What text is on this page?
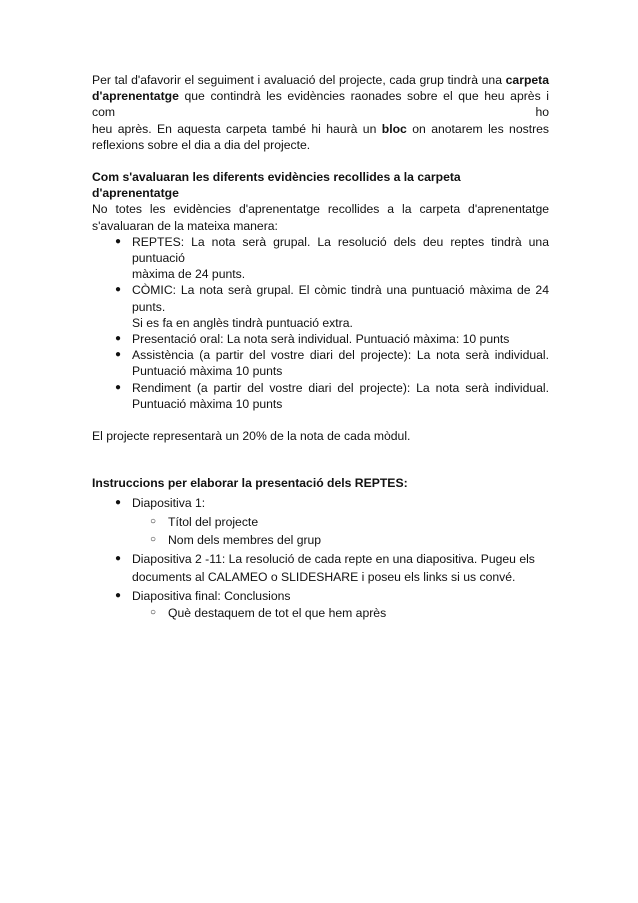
Per tal d'afavorir el seguiment i avaluació del projecte, cada grup tindrà una carpeta

d'aprenentatge que contindrà les evidències raonades sobre el que heu après i com ho

heu après. En aquesta carpeta també hi haurà un bloc on anotarem les nostres

reflexions sobre el dia a dia del projecte.

Com s'avaluaran les diferents evidències recollides a la carpeta d'aprenentatge

No totes les evidències d'aprenentatge recollides a la carpeta d'aprenentatge

s'avaluaran de la mateixa manera:

● REPTES: La nota serà grupal. La resolució dels deu reptes tindrà una puntuació

màxima de 24 punts.

● CÒMIC: La nota serà grupal. El còmic tindrà una puntuació màxima de 24 punts.

Si es fa en anglès tindrà puntuació extra.

● Presentació oral: La nota serà individual. Puntuació màxima: 10 punts

● Assistència (a partir del vostre diari del projecte): La nota serà individual.

Puntuació màxima 10 punts

● Rendiment (a partir del vostre diari del projecte): La nota serà individual.

Puntuació màxima 10 punts

El projecte representarà un 20% de la nota de cada mòdul.

Instruccions per elaborar la presentació dels REPTES:

● Diapositiva 1:

○ Títol del projecte
○ Nom dels membres del grup
● Diapositiva 2 -11: La resolució de cada repte en una diapositiva. Pugeu els

documents al CALAMEO o SLIDESHARE i poseu els links si us convé.

● Diapositiva final: Conclusions

○ Què destaquem de tot el que hem après
